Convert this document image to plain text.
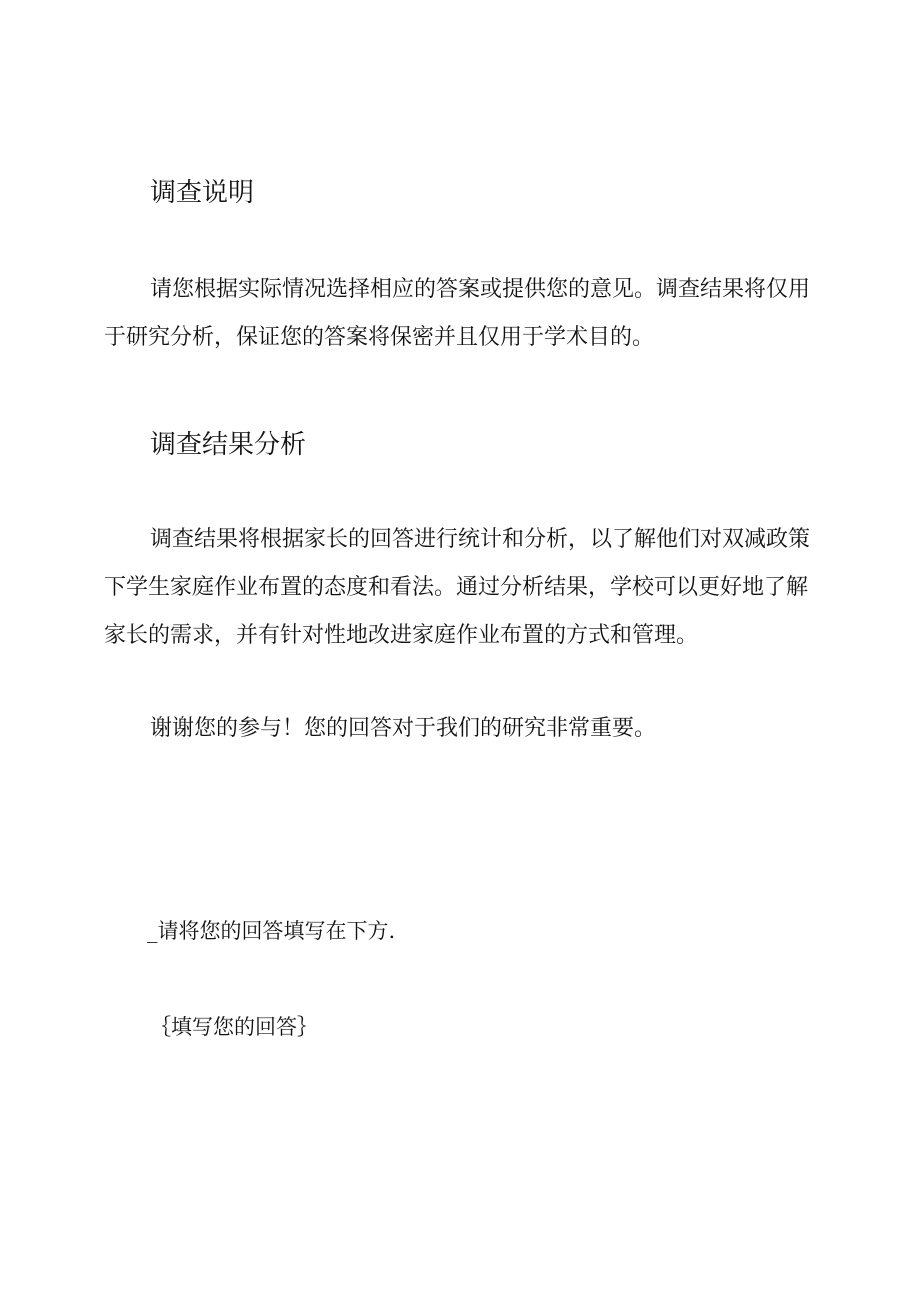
调查说明

请您根据实际情况选择相应的答案或提供您的意见。调查结果将仅用于研究分析，保证您的答案将保密并且仅用于学术目的。

调查结果分析

调查结果将根据家长的回答进行统计和分析，以了解他们对双减政策下学生家庭作业布置的态度和看法。通过分析结果，学校可以更好地了解家长的需求，并有针对性地改进家庭作业布置的方式和管理。

谢谢您的参与！您的回答对于我们的研究非常重要。

_请将您的回答填写在下方.

｛填写您的回答｝
